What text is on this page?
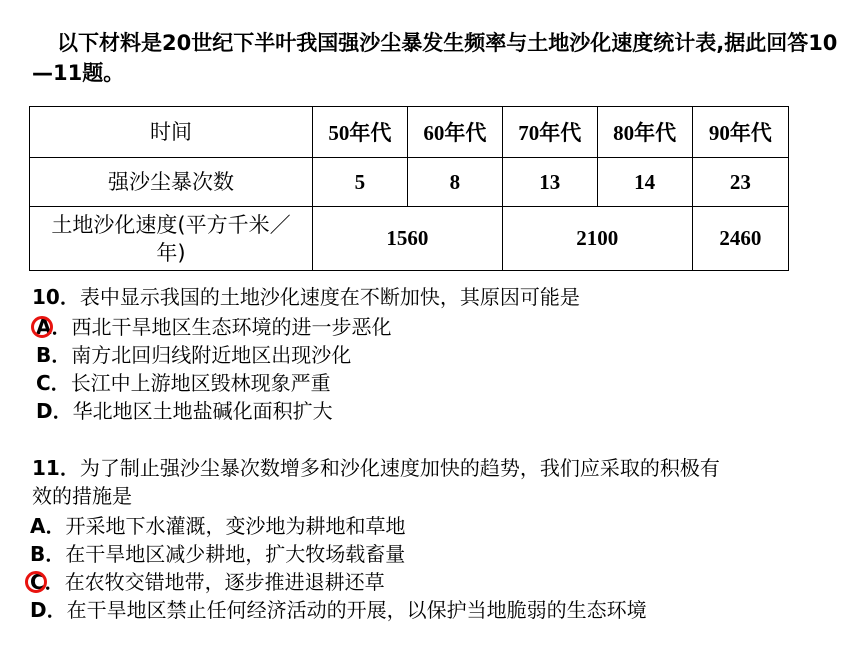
以下材料是20世纪下半叶我国强沙尘暴发生频率与土地沙化速度统计表,据此回答10—11题。

时间	50年代	60年代	70年代	80年代	90年代
强沙尘暴次数	5	8	13	14	23
土地沙化速度(平方千米／年)	1560		2100		2460
10．表中显示我国的土地沙化速度在不断加快，其原因可能是
A．西北干旱地区生态环境的进一步恶化
B．南方北回归线附近地区出现沙化
C．长江中上游地区毁林现象严重
D．华北地区土地盐碱化面积扩大
11．为了制止强沙尘暴次数增多和沙化速度加快的趋势，我们应采取的积极有
效的措施是
A．开采地下水灌溉，变沙地为耕地和草地
B．在干旱地区减少耕地，扩大牧场载畜量
C．在农牧交错地带，逐步推进退耕还草
D．在干旱地区禁止任何经济活动的开展，以保护当地脆弱的生态环境
